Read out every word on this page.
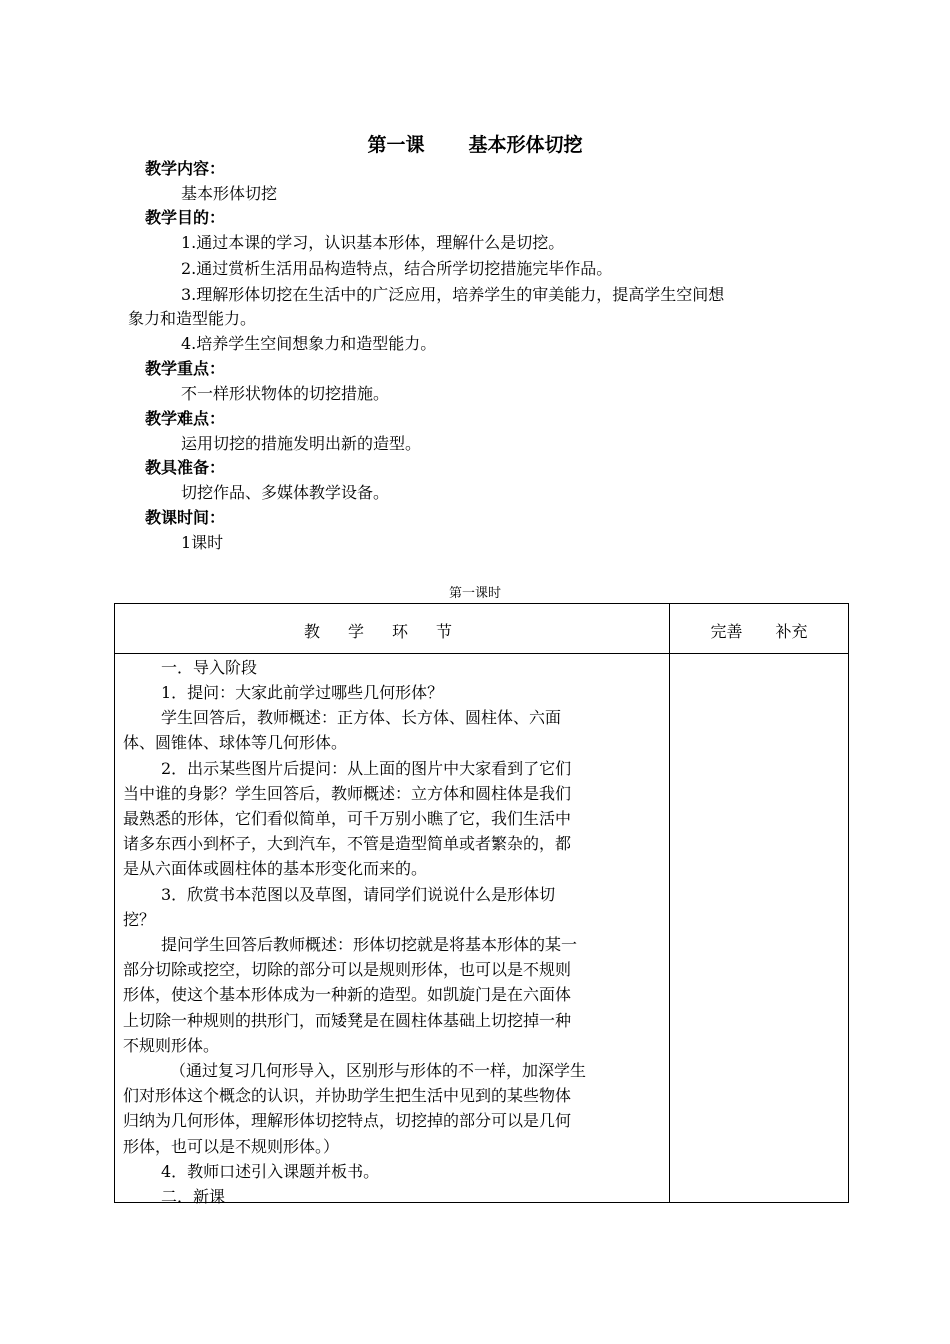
第一课 基本形体切挖
教学内容：
基本形体切挖
教学目的：
1.通过本课的学习，认识基本形体，理解什么是切挖。
2.通过赏析生活用品构造特点，结合所学切挖措施完毕作品。
3.理解形体切挖在生活中的广泛应用，培养学生的审美能力，提高学生空间想
象力和造型能力。
4.培养学生空间想象力和造型能力。
教学重点：
不一样形状物体的切挖措施。
教学难点：
运用切挖的措施发明出新的造型。
教具准备：
切挖作品、多媒体教学设备。
教课时间：
1课时
第一课时
教学环节	完善 补充
一．导入阶段
1．提问：大家此前学过哪些几何形体？
学生回答后，教师概述：正方体、长方体、圆柱体、六面
体、圆锥体、球体等几何形体。
2．出示某些图片后提问：从上面的图片中大家看到了它们
当中谁的身影？学生回答后，教师概述：立方体和圆柱体是我们
最熟悉的形体，它们看似简单，可千万别小瞧了它，我们生活中
诸多东西小到杯子，大到汽车，不管是造型简单或者繁杂的，都
是从六面体或圆柱体的基本形变化而来的。
3．欣赏书本范图以及草图，请同学们说说什么是形体切
挖？
提问学生回答后教师概述：形体切挖就是将基本形体的某一
部分切除或挖空，切除的部分可以是规则形体，也可以是不规则
形体，使这个基本形体成为一种新的造型。如凯旋门是在六面体
上切除一种规则的拱形门，而矮凳是在圆柱体基础上切挖掉一种
不规则形体。
（通过复习几何形导入，区别形与形体的不一样，加深学生
们对形体这个概念的认识，并协助学生把生活中见到的某些物体
归纳为几何形体，理解形体切挖特点，切挖掉的部分可以是几何
形体，也可以是不规则形体。）
4．教师口述引入课题并板书。
二．新课
